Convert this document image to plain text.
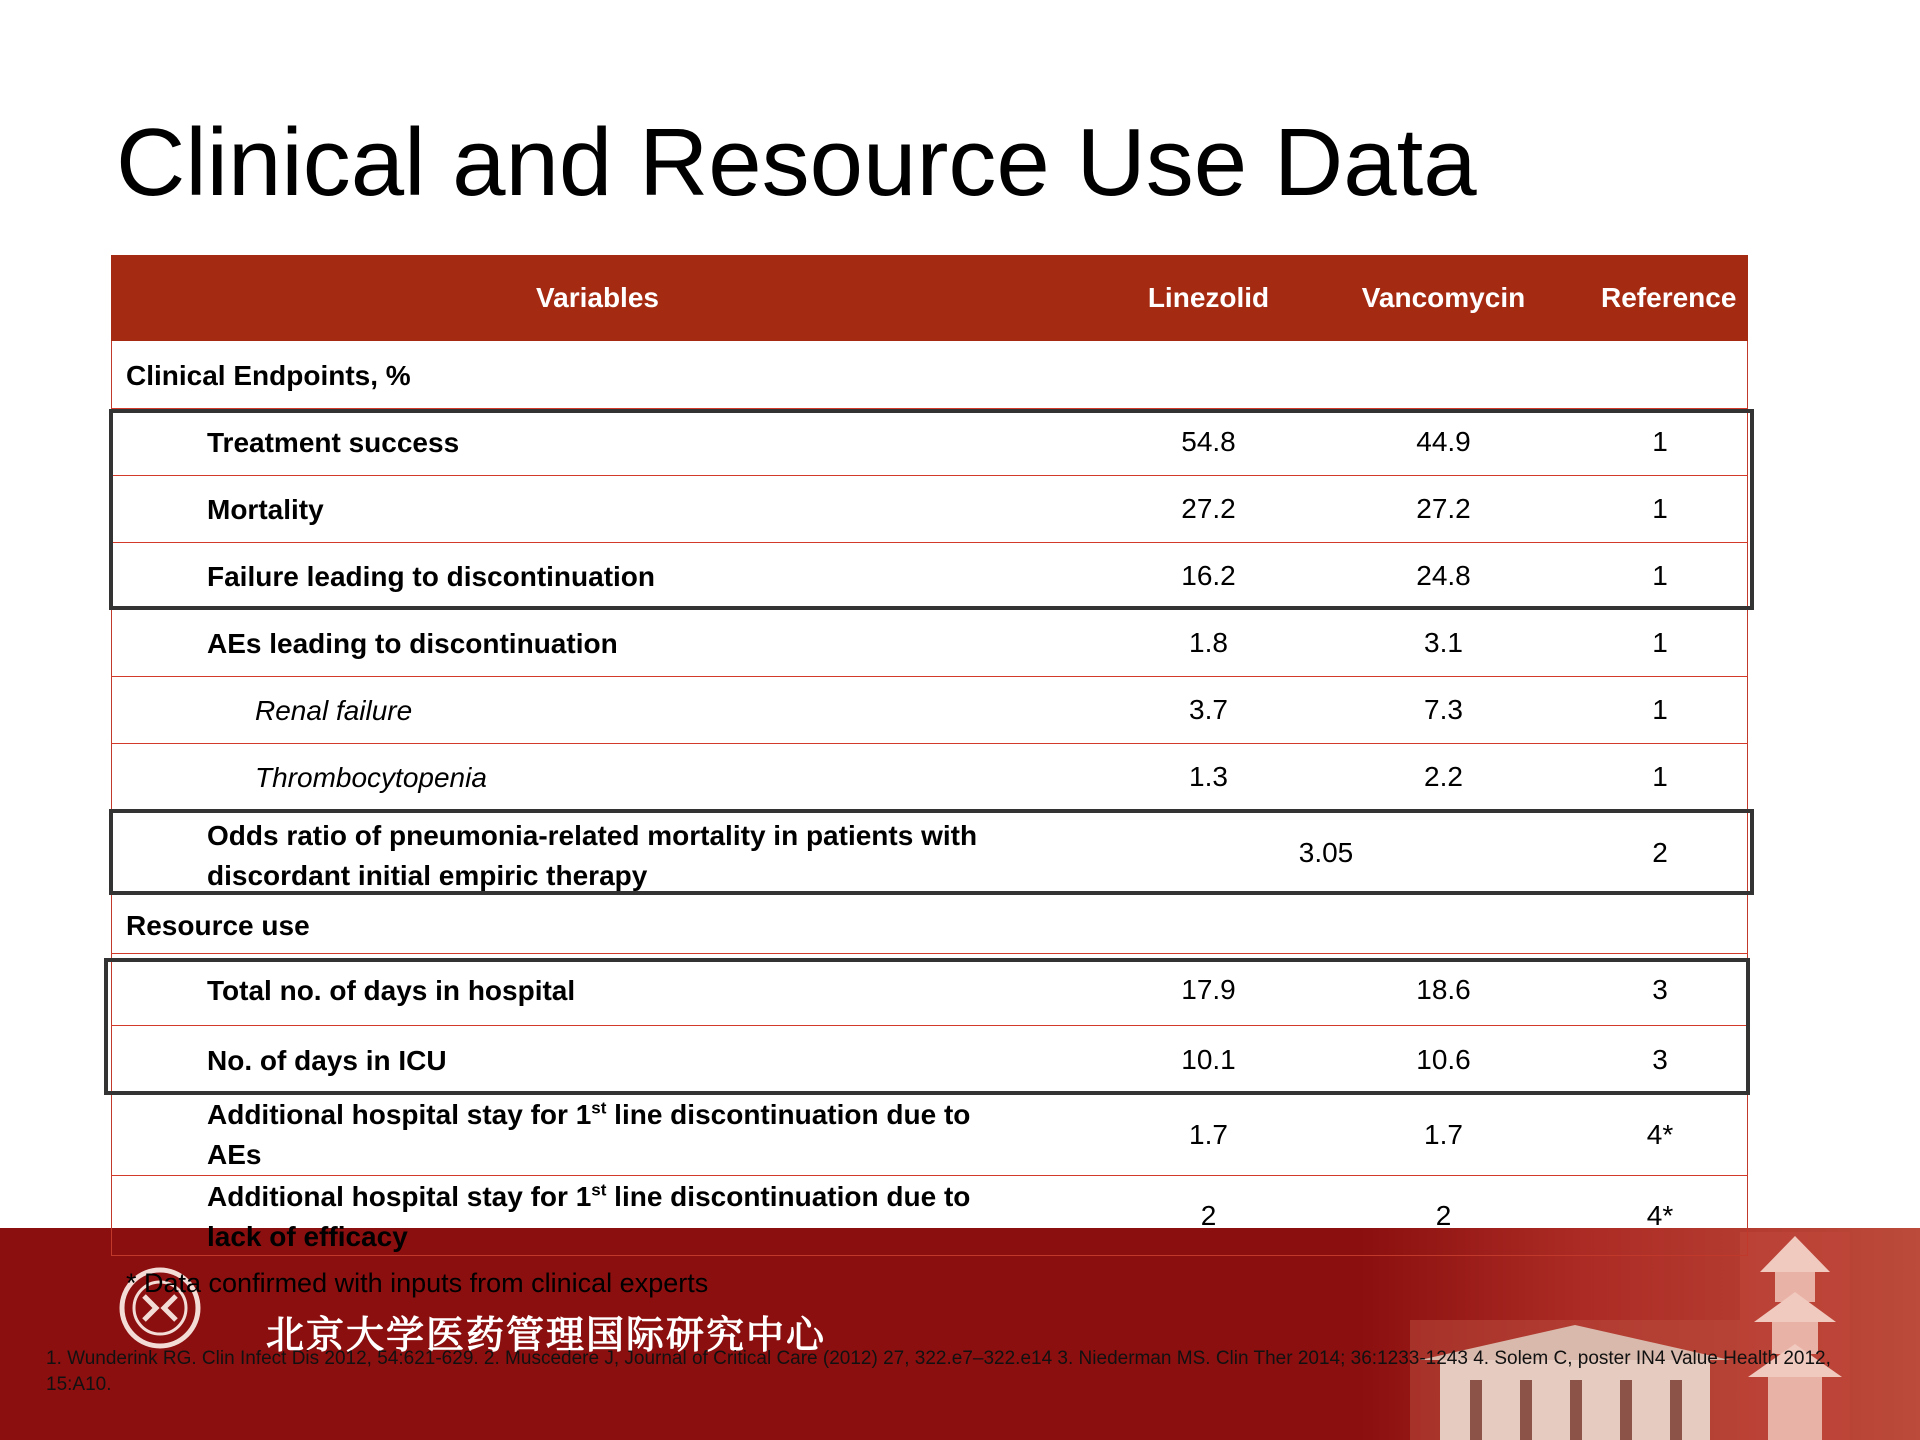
Clinical and Resource Use Data
北京大学医药管理国际研究中心
Variables	Linezolid	Vancomycin	Reference
Clinical Endpoints, %
Treatment success	54.8	44.9	1
Mortality	27.2	27.2	1
Failure leading to discontinuation	16.2	24.8	1
AEs leading to discontinuation	1.8	3.1	1
Renal failure	3.7	7.3	1
Thrombocytopenia	1.3	2.2	1
Odds ratio of pneumonia-related mortality in patients with
discordant initial empiric therapy
3.05	2
Resource use
Total no. of days in hospital	17.9	18.6	3
No. of days in ICU	10.1	10.6	3
Additional hospital stay for 1st line discontinuation due to
AEs
1.7	1.7	4*
Additional hospital stay for 1st line discontinuation due to
lack of efficacy
2	2	4*
* Data confirmed with inputs from clinical experts
1. Wunderink RG. Clin Infect Dis 2012, 54:621-629. 2. Muscedere J, Journal of Critical Care (2012) 27, 322.e7–322.e14 3. Niederman MS. Clin Ther 2014; 36:1233-1243 4. Solem C, poster IN4 Value Health 2012, 15:A10.
